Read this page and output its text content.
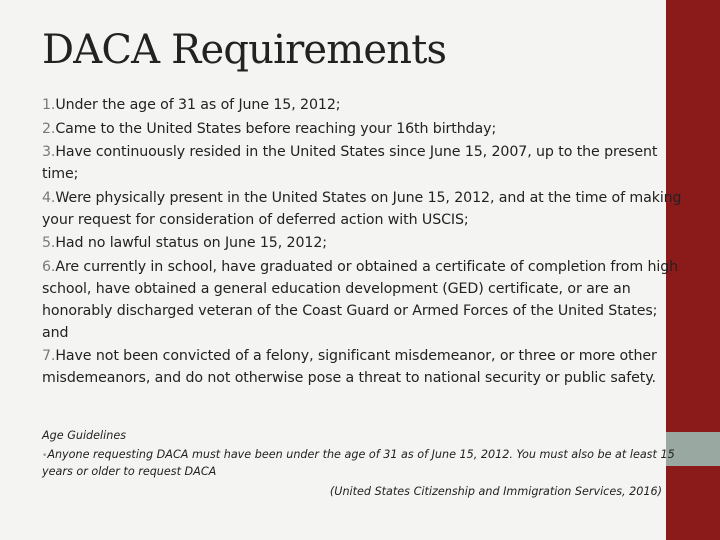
DACA Requirements
1.Under the age of 31 as of June 15, 2012;
2.Came to the United States before reaching your 16th birthday;
3.Have continuously resided in the United States since June 15, 2007, up to the present time;
4.Were physically present in the United States on June 15, 2012, and at the time of making your request for consideration of deferred action with USCIS;
5.Had no lawful status on June 15, 2012;
6.Are currently in school, have graduated or obtained a certificate of completion from high school, have obtained a general education development (GED) certificate, or are an honorably discharged veteran of the Coast Guard or Armed Forces of the United States; and
7.Have not been convicted of a felony, significant misdemeanor, or three or more other misdemeanors, and do not otherwise pose a threat to national security or public safety.
Age Guidelines
•Anyone requesting DACA must have been under the age of 31 as of June 15, 2012. You must also be at least 15 years or older to request DACA
(United States Citizenship and Immigration Services, 2016)
